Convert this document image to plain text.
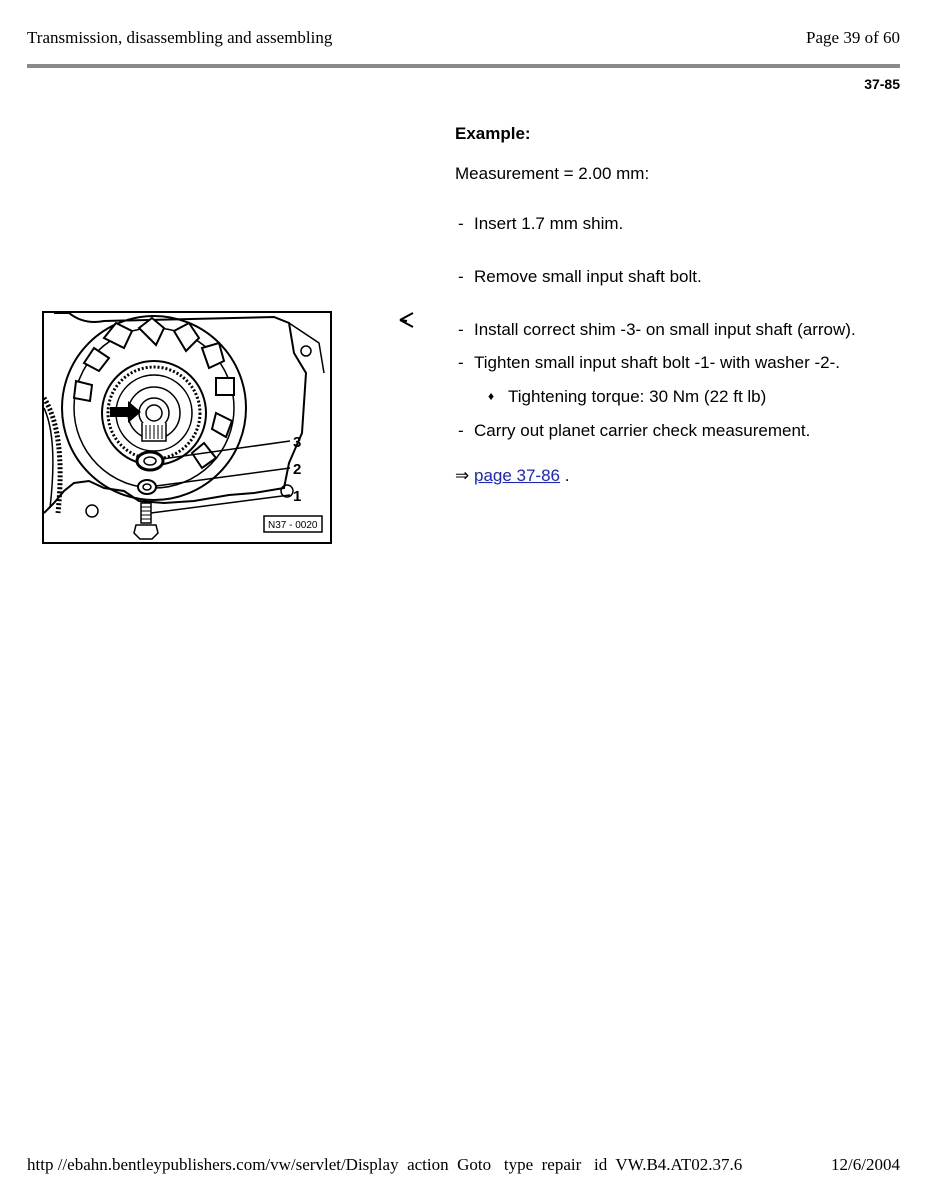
Transmission, disassembling and assembling	Page 39 of 60
37-85
Example:
Measurement = 2.00 mm:
- Insert 1.7 mm shim.
- Remove small input shaft bolt.
- Install correct shim -3- on small input shaft (arrow).
- Tighten small input shaft bolt -1- with washer -2-.
♦ Tightening torque: 30 Nm (22 ft lb)
- Carry out planet carrier check measurement.
⇒ page 37-86 .
3
2
1
N37 - 0020
http //ebahn.bentleypublishers.com/vw/servlet/Display  action  Goto   type  repair   id  VW.B4.AT02.37.6	12/6/2004
